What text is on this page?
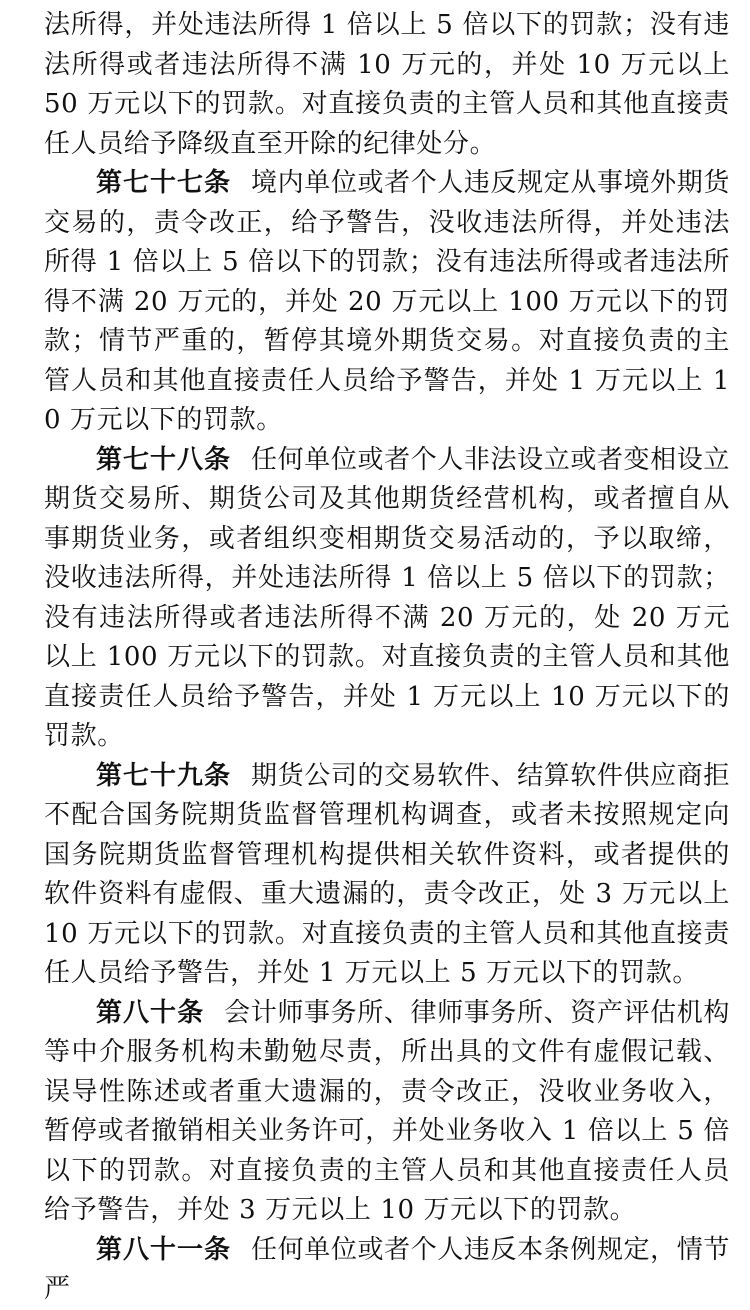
法所得，并处违法所得 1 倍以上 5 倍以下的罚款；没有违法所得或者违法所得不满 10 万元的，并处 10 万元以上 50 万元以下的罚款。对直接负责的主管人员和其他直接责任人员给予降级直至开除的纪律处分。

第七十七条 境内单位或者个人违反规定从事境外期货交易的，责令改正，给予警告，没收违法所得，并处违法所得 1 倍以上 5 倍以下的罚款；没有违法所得或者违法所得不满 20 万元的，并处 20 万元以上 100 万元以下的罚款；情节严重的，暂停其境外期货交易。对直接负责的主管人员和其他直接责任人员给予警告，并处 1 万元以上 10 万元以下的罚款。

第七十八条 任何单位或者个人非法设立或者变相设立期货交易所、期货公司及其他期货经营机构，或者擅自从事期货业务，或者组织变相期货交易活动的，予以取缔，没收违法所得，并处违法所得 1 倍以上 5 倍以下的罚款；没有违法所得或者违法所得不满 20 万元的，处 20 万元以上 100 万元以下的罚款。对直接负责的主管人员和其他直接责任人员给予警告，并处 1 万元以上 10 万元以下的罚款。

第七十九条 期货公司的交易软件、结算软件供应商拒不配合国务院期货监督管理机构调查，或者未按照规定向国务院期货监督管理机构提供相关软件资料，或者提供的软件资料有虚假、重大遗漏的，责令改正，处 3 万元以上 10 万元以下的罚款。对直接负责的主管人员和其他直接责任人员给予警告，并处 1 万元以上 5 万元以下的罚款。

第八十条 会计师事务所、律师事务所、资产评估机构等中介服务机构未勤勉尽责，所出具的文件有虚假记载、误导性陈述或者重大遗漏的，责令改正，没收业务收入，暂停或者撤销相关业务许可，并处业务收入 1 倍以上 5 倍以下的罚款。对直接负责的主管人员和其他直接责任人员给予警告，并处 3 万元以上 10 万元以下的罚款。

第八十一条 任何单位或者个人违反本条例规定，情节严
